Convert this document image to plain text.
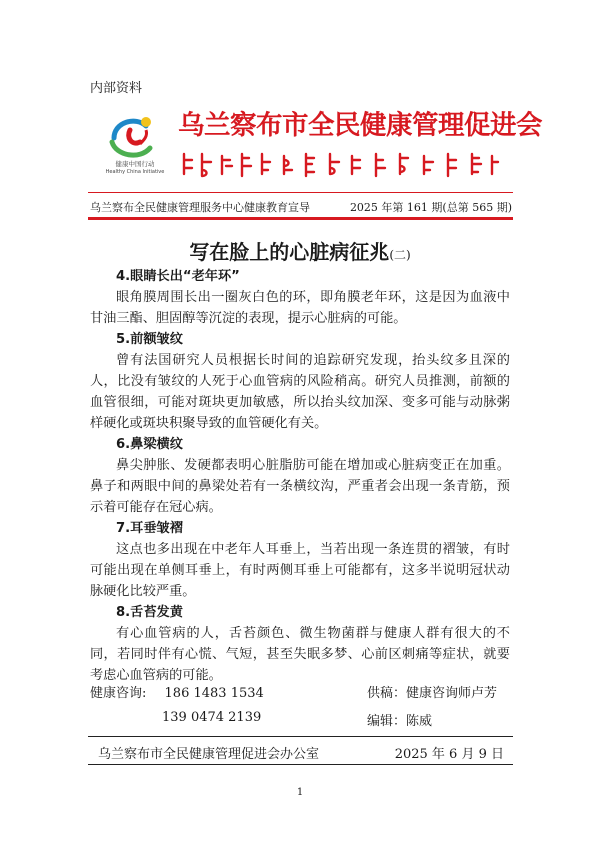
内部资料
健康中国行动
Healthy China Initiative
乌兰察布市全民健康管理促进会
乌兰察布全民健康管理服务中心健康教育宣导	2025 年第 161 期(总第 565 期)
写在脸上的心脏病征兆(二)
4.眼睛长出“老年环”

眼角膜周围长出一圈灰白色的环，即角膜老年环，这是因为血液中甘油三酯、胆固醇等沉淀的表现，提示心脏病的可能。

5.前额皱纹

曾有法国研究人员根据长时间的追踪研究发现，抬头纹多且深的人，比没有皱纹的人死于心血管病的风险稍高。研究人员推测，前额的血管很细，可能对斑块更加敏感，所以抬头纹加深、变多可能与动脉粥样硬化或斑块积聚导致的血管硬化有关。

6.鼻梁横纹

鼻尖肿胀、发硬都表明心脏脂肪可能在增加或心脏病变正在加重。鼻子和两眼中间的鼻梁处若有一条横纹沟，严重者会出现一条青筋，预示着可能存在冠心病。

7.耳垂皱褶

这点也多出现在中老年人耳垂上，当若出现一条连贯的褶皱，有时可能出现在单侧耳垂上，有时两侧耳垂上可能都有，这多半说明冠状动脉硬化比较严重。

8.舌苔发黄

有心血管病的人，舌苔颜色、微生物菌群与健康人群有很大的不同，若同时伴有心慌、气短，甚至失眠多梦、心前区刺痛等症状，就要考虑心血管病的可能。

健康咨询: 186 1483 1534	供稿：健康咨询师卢芳
139 0474 2139	编辑：陈威
乌兰察布市全民健康管理促进会办公室	2025 年 6 月 9 日
1
